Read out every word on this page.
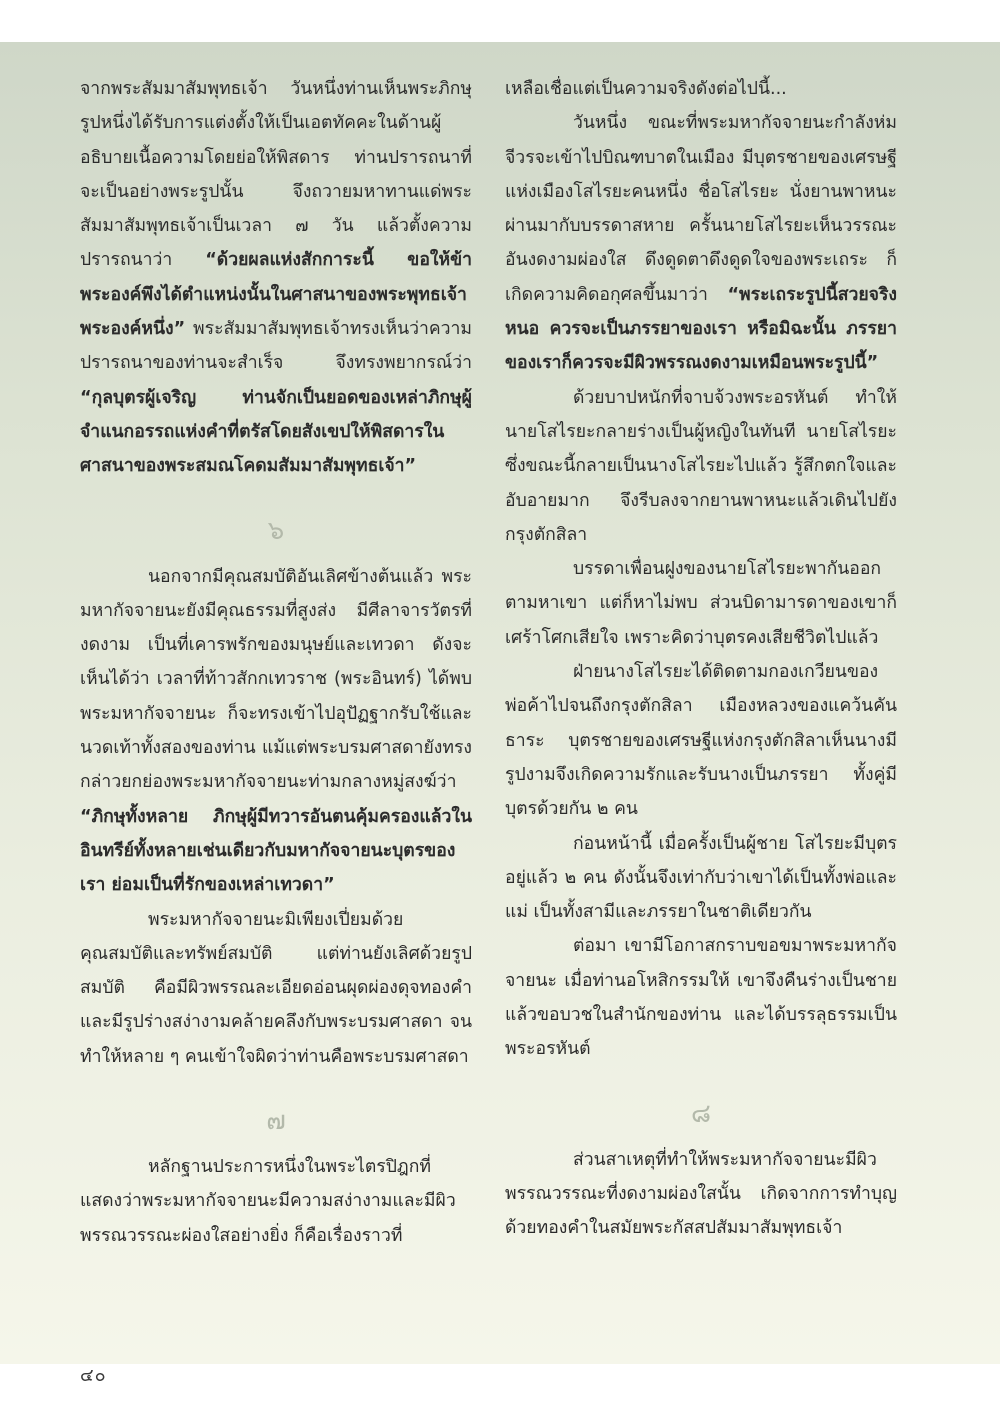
จากพระสัมมาสัมพุทธเจ้า วันหนึ่งท่านเห็นพระภิกษุรูปหนึ่งได้รับการแต่งตั้งให้เป็นเอตทัคคะในด้านผู้อธิบายเนื้อความโดยย่อให้พิสดาร ท่านปรารถนาที่จะเป็นอย่างพระรูปนั้น จึงถวายมหาทานแด่พระสัมมาสัมพุทธเจ้าเป็นเวลา ๗ วัน แล้วตั้งความปรารถนาว่า “ด้วยผลแห่งสักการะนี้ ขอให้ข้าพระองค์พึงได้ตำแหน่งนั้นในศาสนาของพระพุทธเจ้าพระองค์หนึ่ง” พระสัมมาสัมพุทธเจ้าทรงเห็นว่าความปรารถนาของท่านจะสำเร็จ จึงทรงพยากรณ์ว่า “กุลบุตรผู้เจริญ ท่านจักเป็นยอดของเหล่าภิกษุผู้จำแนกอรรถแห่งคำที่ตรัสโดยสังเขปให้พิสดารในศาสนาของพระสมณโคดมสัมมาสัมพุทธเจ้า”

๖

นอกจากมีคุณสมบัติอันเลิศข้างต้นแล้ว พระมหากัจจายนะยังมีคุณธรรมที่สูงส่ง มีศีลาจารวัตรที่งดงาม เป็นที่เคารพรักของมนุษย์และเทวดา ดังจะเห็นได้ว่า เวลาที่ท้าวสักกเทวราช (พระอินทร์) ได้พบพระมหากัจจายนะ ก็จะทรงเข้าไปอุปัฏฐากรับใช้และนวดเท้าทั้งสองของท่าน แม้แต่พระบรมศาสดายังทรงกล่าวยกย่องพระมหากัจจายนะท่ามกลางหมู่สงฆ์ว่า “ภิกษุทั้งหลาย ภิกษุผู้มีทวารอันตนคุ้มครองแล้วในอินทรีย์ทั้งหลายเช่นเดียวกับมหากัจจายนะบุตรของเรา ย่อมเป็นที่รักของเหล่าเทวดา”

พระมหากัจจายนะมิเพียงเปี่ยมด้วยคุณสมบัติและทรัพย์สมบัติ แต่ท่านยังเลิศด้วยรูปสมบัติ คือมีผิวพรรณละเอียดอ่อนผุดผ่องดุจทองคำ และมีรูปร่างสง่างามคล้ายคลึงกับพระบรมศาสดา จนทำให้หลาย ๆ คนเข้าใจผิดว่าท่านคือพระบรมศาสดา

๗

หลักฐานประการหนึ่งในพระไตรปิฎกที่แสดงว่าพระมหากัจจายนะมีความสง่างามและมีผิวพรรณวรรณะผ่องใสอย่างยิ่ง ก็คือเรื่องราวที่

เหลือเชื่อแต่เป็นความจริงดังต่อไปนี้...

วันหนึ่ง ขณะที่พระมหากัจจายนะกำลังห่มจีวรจะเข้าไปบิณฑบาตในเมือง มีบุตรชายของเศรษฐีแห่งเมืองโสไรยะคนหนึ่ง ชื่อโสไรยะ นั่งยานพาหนะผ่านมากับบรรดาสหาย ครั้นนายโสไรยะเห็นวรรณะอันงดงามผ่องใส ดึงดูดตาดึงดูดใจของพระเถระ ก็เกิดความคิดอกุศลขึ้นมาว่า “พระเถระรูปนี้สวยจริงหนอ ควรจะเป็นภรรยาของเรา หรือมิฉะนั้น ภรรยาของเราก็ควรจะมีผิวพรรณงดงามเหมือนพระรูปนี้”

ด้วยบาปหนักที่จาบจ้วงพระอรหันต์ ทำให้นายโสไรยะกลายร่างเป็นผู้หญิงในทันที นายโสไรยะซึ่งขณะนี้กลายเป็นนางโสไรยะไปแล้ว รู้สึกตกใจและอับอายมาก จึงรีบลงจากยานพาหนะแล้วเดินไปยังกรุงตักสิลา

บรรดาเพื่อนฝูงของนายโสไรยะพากันออกตามหาเขา แต่ก็หาไม่พบ ส่วนบิดามารดาของเขาก็เศร้าโศกเสียใจ เพราะคิดว่าบุตรคงเสียชีวิตไปแล้ว

ฝ่ายนางโสไรยะได้ติดตามกองเกวียนของพ่อค้าไปจนถึงกรุงตักสิลา เมืองหลวงของแคว้นคันธาระ บุตรชายของเศรษฐีแห่งกรุงตักสิลาเห็นนางมีรูปงามจึงเกิดความรักและรับนางเป็นภรรยา ทั้งคู่มีบุตรด้วยกัน ๒ คน

ก่อนหน้านี้ เมื่อครั้งเป็นผู้ชาย โสไรยะมีบุตรอยู่แล้ว ๒ คน ดังนั้นจึงเท่ากับว่าเขาได้เป็นทั้งพ่อและแม่ เป็นทั้งสามีและภรรยาในชาติเดียวกัน

ต่อมา เขามีโอกาสกราบขอขมาพระมหากัจจายนะ เมื่อท่านอโหสิกรรมให้ เขาจึงคืนร่างเป็นชาย แล้วขอบวชในสำนักของท่าน และได้บรรลุธรรมเป็นพระอรหันต์

๘

ส่วนสาเหตุที่ทำให้พระมหากัจจายนะมีผิวพรรณวรรณะที่งดงามผ่องใสนั้น เกิดจากการทำบุญด้วยทองคำในสมัยพระกัสสปสัมมาสัมพุทธเจ้า

๔๐
